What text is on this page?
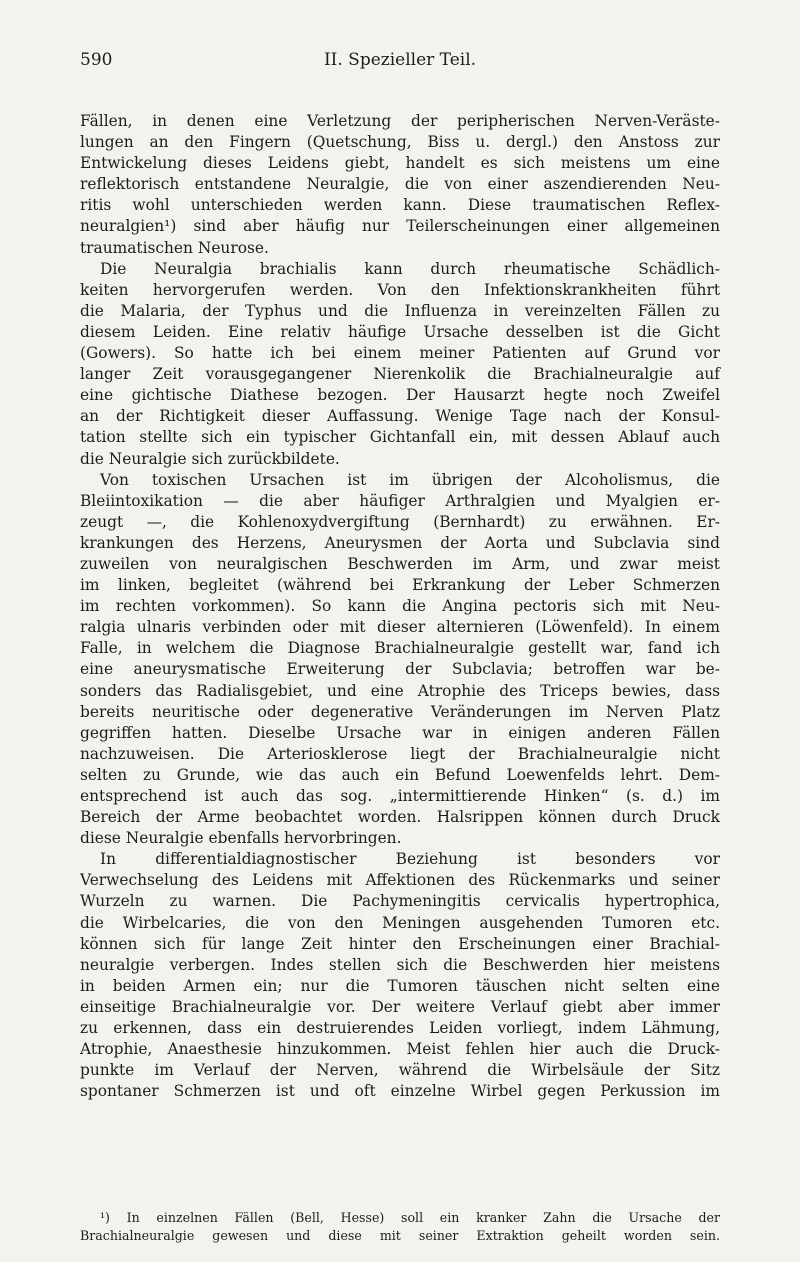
590	II. Spezieller Teil.
Fällen, in denen eine Verletzung der peripherischen Nerven-Veräste-
lungen an den Fingern (Quetschung, Biss u. dergl.) den Anstoss zur
Entwickelung dieses Leidens giebt, handelt es sich meistens um eine
reflektorisch entstandene Neuralgie, die von einer aszendierenden Neu-
ritis wohl unterschieden werden kann. Diese traumatischen Reflex-
neuralgien¹) sind aber häufig nur Teilerscheinungen einer allgemeinen
traumatischen Neurose.
Die Neuralgia brachialis kann durch rheumatische Schädlich-
keiten hervorgerufen werden. Von den Infektionskrankheiten führt
die Malaria, der Typhus und die Influenza in vereinzelten Fällen zu
diesem Leiden. Eine relativ häufige Ursache desselben ist die Gicht
(Gowers). So hatte ich bei einem meiner Patienten auf Grund vor
langer Zeit vorausgegangener Nierenkolik die Brachialneuralgie auf
eine gichtische Diathese bezogen. Der Hausarzt hegte noch Zweifel
an der Richtigkeit dieser Auffassung. Wenige Tage nach der Konsul-
tation stellte sich ein typischer Gichtanfall ein, mit dessen Ablauf auch
die Neuralgie sich zurückbildete.
Von toxischen Ursachen ist im übrigen der Alcoholismus, die
Bleiintoxikation — die aber häufiger Arthralgien und Myalgien er-
zeugt —, die Kohlenoxydvergiftung (Bernhardt) zu erwähnen. Er-
krankungen des Herzens, Aneurysmen der Aorta und Subclavia sind
zuweilen von neuralgischen Beschwerden im Arm, und zwar meist
im linken, begleitet (während bei Erkrankung der Leber Schmerzen
im rechten vorkommen). So kann die Angina pectoris sich mit Neu-
ralgia ulnaris verbinden oder mit dieser alternieren (Löwenfeld). In einem
Falle, in welchem die Diagnose Brachialneuralgie gestellt war, fand ich
eine aneurysmatische Erweiterung der Subclavia; betroffen war be-
sonders das Radialisgebiet, und eine Atrophie des Triceps bewies, dass
bereits neuritische oder degenerative Veränderungen im Nerven Platz
gegriffen hatten. Dieselbe Ursache war in einigen anderen Fällen
nachzuweisen. Die Arteriosklerose liegt der Brachialneuralgie nicht
selten zu Grunde, wie das auch ein Befund Loewenfelds lehrt. Dem-
entsprechend ist auch das sog. „intermittierende Hinken“ (s. d.) im
Bereich der Arme beobachtet worden. Halsrippen können durch Druck
diese Neuralgie ebenfalls hervorbringen.
In differentialdiagnostischer Beziehung ist besonders vor
Verwechselung des Leidens mit Affektionen des Rückenmarks und seiner
Wurzeln zu warnen. Die Pachymeningitis cervicalis hypertrophica,
die Wirbelcaries, die von den Meningen ausgehenden Tumoren etc.
können sich für lange Zeit hinter den Erscheinungen einer Brachial-
neuralgie verbergen. Indes stellen sich die Beschwerden hier meistens
in beiden Armen ein; nur die Tumoren täuschen nicht selten eine
einseitige Brachialneuralgie vor. Der weitere Verlauf giebt aber immer
zu erkennen, dass ein destruierendes Leiden vorliegt, indem Lähmung,
Atrophie, Anaesthesie hinzukommen. Meist fehlen hier auch die Druck-
punkte im Verlauf der Nerven, während die Wirbelsäule der Sitz
spontaner Schmerzen ist und oft einzelne Wirbel gegen Perkussion im
¹) In einzelnen Fällen (Bell, Hesse) soll ein kranker Zahn die Ursache der
Brachialneuralgie gewesen und diese mit seiner Extraktion geheilt worden sein.
